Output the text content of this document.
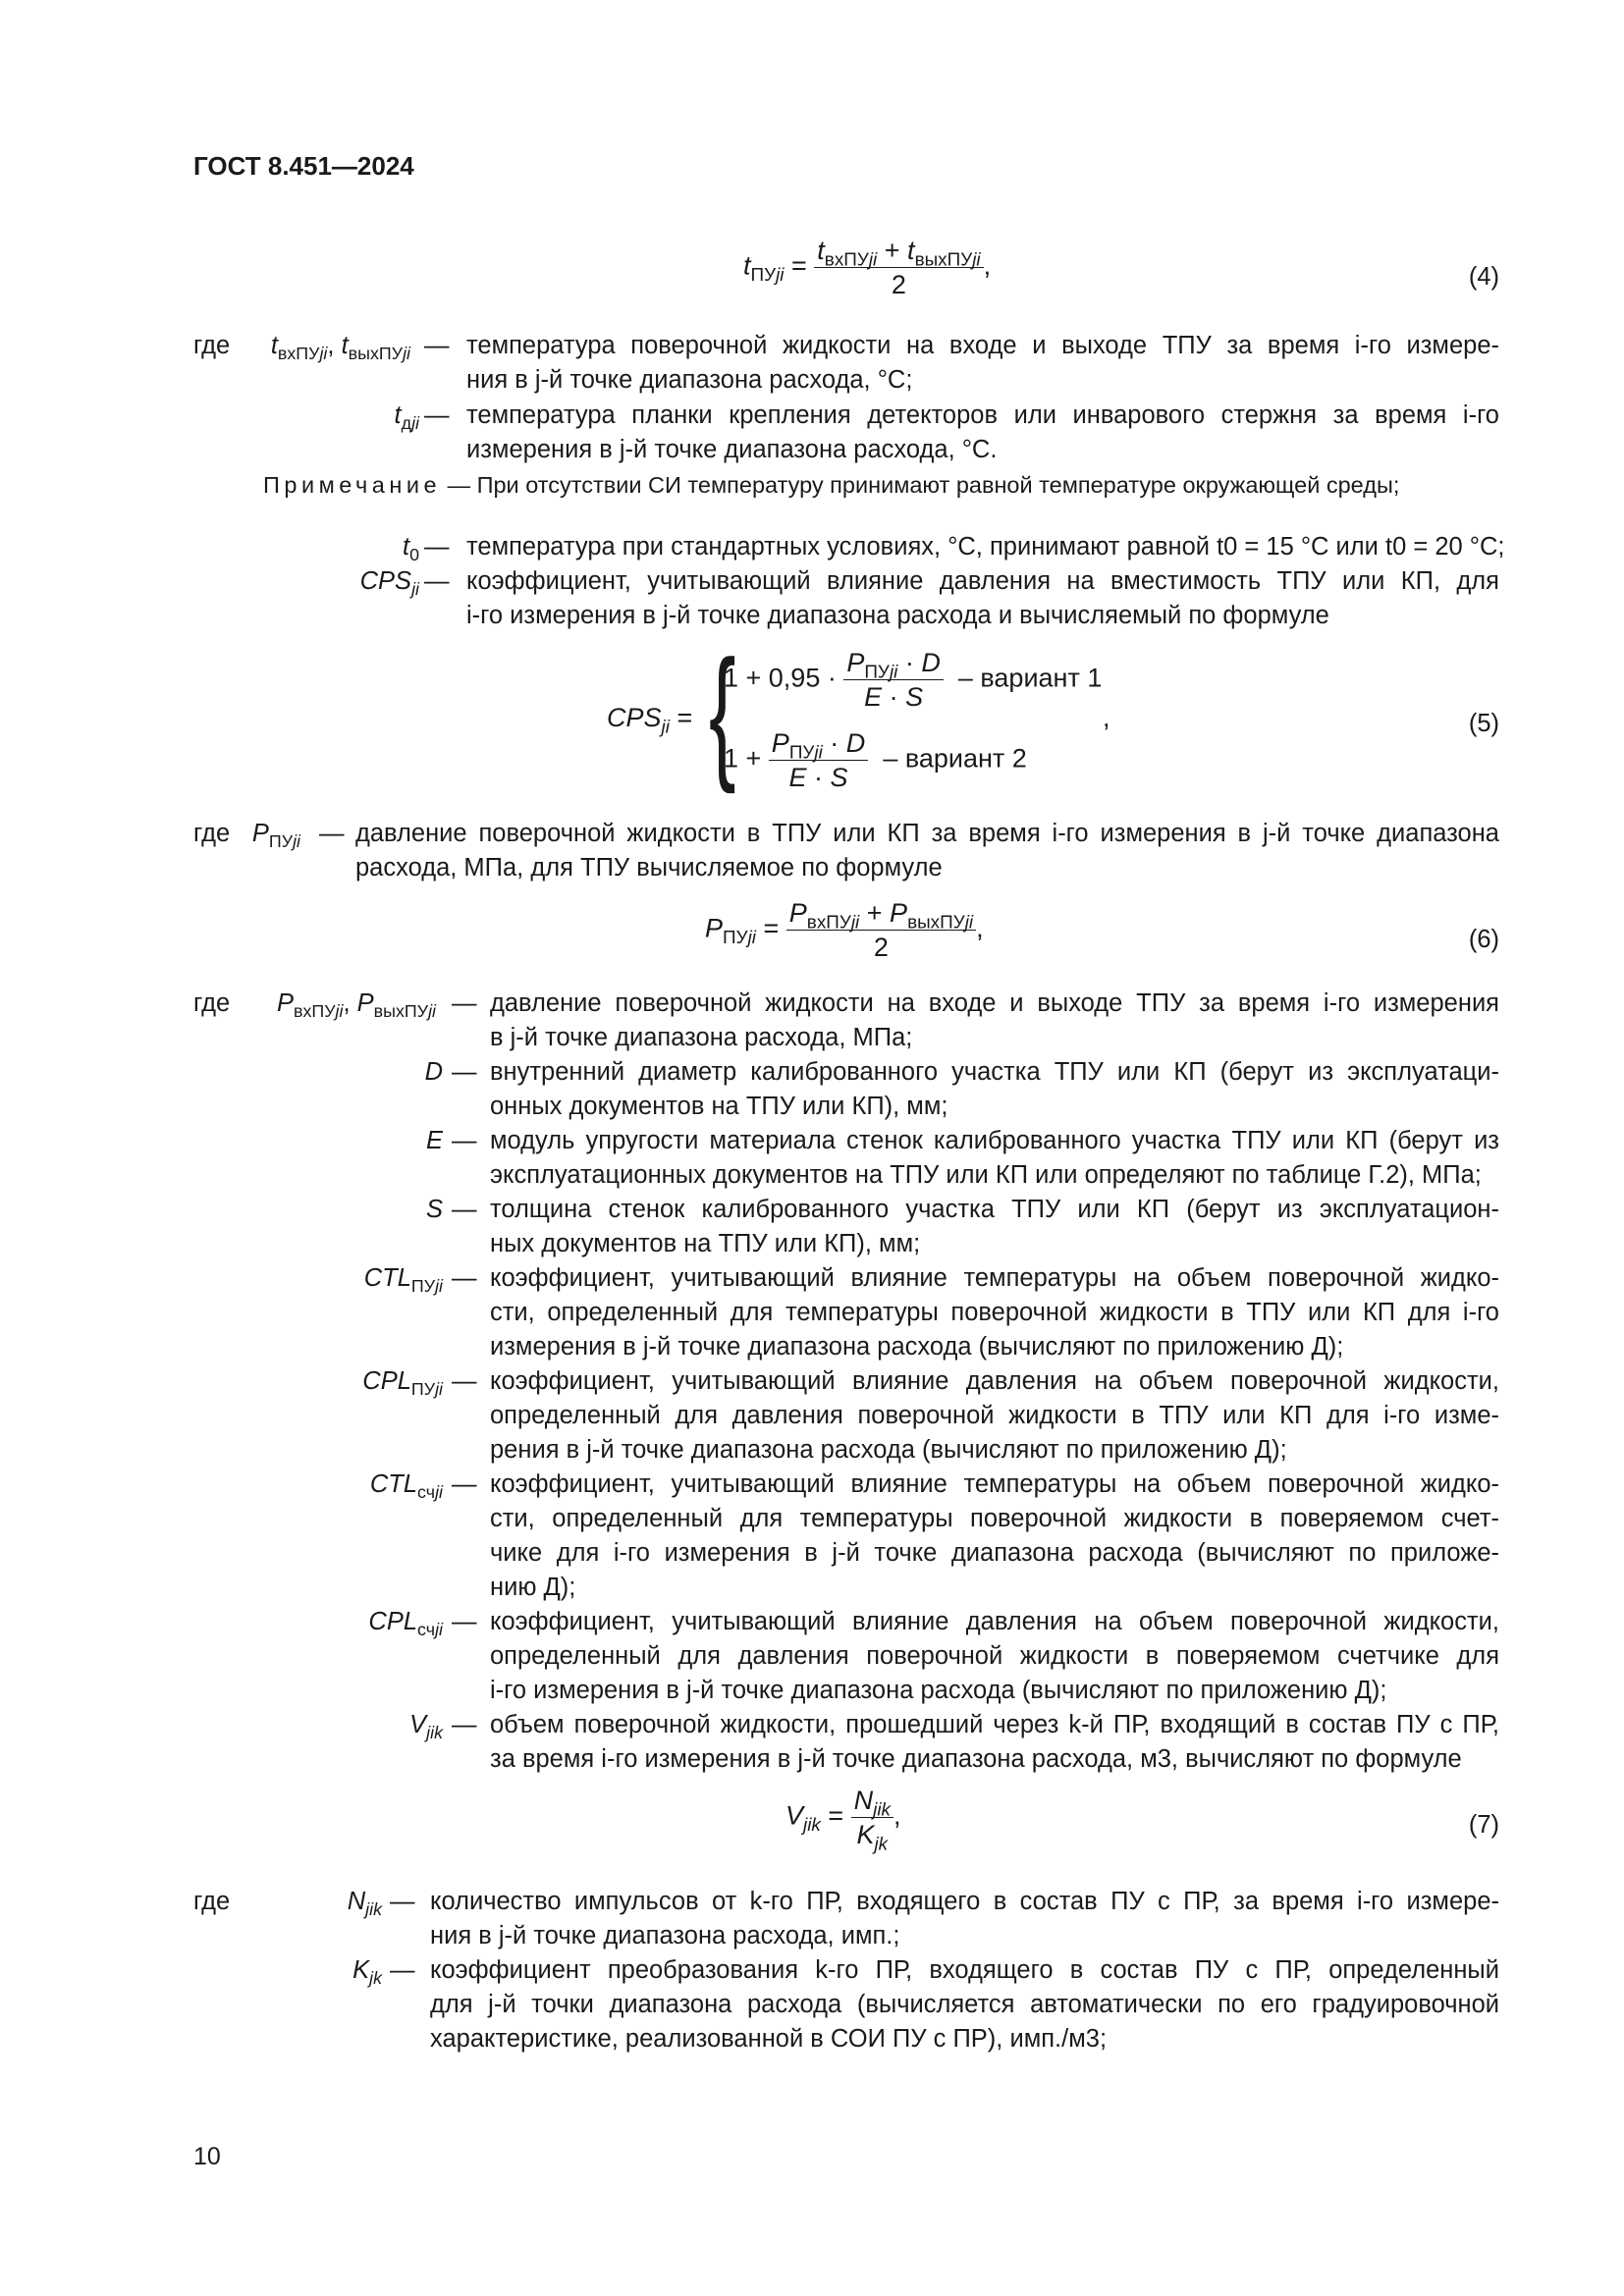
ГОСТ 8.451—2024
$t_{ПУji} = \frac{t_{вхПУji} + t_{выхПУji}}{2}$ ,	(4)
где $t_{вхПУji}$, $t_{выхПУji}$ — температура поверочной жидкости на входе и выходе ТПУ за время i-го измере-
ния в j-й точке диапазона расхода, °С;
$t_{дji}$ — температура планки крепления детекторов или инварового стержня за время i-го
измерения в j-й точке диапазона расхода, °С.
Примечание — При отсутствии СИ температуру принимают равной температуре окружающей среды;
$t_0$ — температура при стандартных условиях, °С, принимают равной t0 = 15 °С или t0 = 20 °С;
$CPS_{ji}$ — коэффициент, учитывающий влияние давления на вместимость ТПУ или КП, для
i-го измерения в j-й точке диапазона расхода и вычисляемый по формуле
$CPS_{ji}$ = {
$1 + 0,95 \cdot \frac{P_{ПУji} \cdot D}{E \cdot S}$ – вариант 1
$1 + \frac{P_{ПУji} \cdot D}{E \cdot S}$ – вариант 2
,	(5)
где $P_{ПУji}$ — давление поверочной жидкости в ТПУ или КП за время i-го измерения в j-й точке диапазона
расхода, МПа, для ТПУ вычисляемое по формуле
$P_{ПУji} = \frac{P_{вхПУji} + P_{выхПУji}}{2}$ ,	(6)
где $P_{вхПУji}$, $P_{выхПУji}$ — давление поверочной жидкости на входе и выходе ТПУ за время i-го измерения
в j-й точке диапазона расхода, МПа;
D — внутренний диаметр калиброванного участка ТПУ или КП (берут из эксплуатаци-
онных документов на ТПУ или КП), мм;
E — модуль упругости материала стенок калиброванного участка ТПУ или КП (берут из
эксплуатационных документов на ТПУ или КП или определяют по таблице Г.2), МПа;
S — толщина стенок калиброванного участка ТПУ или КП (берут из эксплуатацион-
ных документов на ТПУ или КП), мм;
$CTL_{ПУji}$ — коэффициент, учитывающий влияние температуры на объем поверочной жидко-
сти, определенный для температуры поверочной жидкости в ТПУ или КП для i-го
измерения в j-й точке диапазона расхода (вычисляют по приложению Д);
$CPL_{ПУji}$ — коэффициент, учитывающий влияние давления на объем поверочной жидкости,
определенный для давления поверочной жидкости в ТПУ или КП для i-го изме-
рения в j-й точке диапазона расхода (вычисляют по приложению Д);
$CTL_{счji}$ — коэффициент, учитывающий влияние температуры на объем поверочной жидко-
сти, определенный для температуры поверочной жидкости в поверяемом счет-
чике для i-го измерения в j-й точке диапазона расхода (вычисляют по приложе-
нию Д);
$CPL_{счji}$ — коэффициент, учитывающий влияние давления на объем поверочной жидкости,
определенный для давления поверочной жидкости в поверяемом счетчике для
i-го измерения в j-й точке диапазона расхода (вычисляют по приложению Д);
$V_{jik}$ — объем поверочной жидкости, прошедший через k-й ПР, входящий в состав ПУ с ПР,
за время i-го измерения в j-й точке диапазона расхода, м3, вычисляют по формуле
$V_{jik} = \frac{N_{jik}}{K_{jk}}$ ,	(7)
где	$N_{jik}$ — количество импульсов от k-го ПР, входящего в состав ПУ с ПР, за время i-го измере-
ния в j-й точке диапазона расхода, имп.;
$K_{jk}$ — коэффициент преобразования k-го ПР, входящего в состав ПУ с ПР, определенный
для j-й точки диапазона расхода (вычисляется автоматически по его градуировочной
характеристике, реализованной в СОИ ПУ с ПР), имп./м3;
10
